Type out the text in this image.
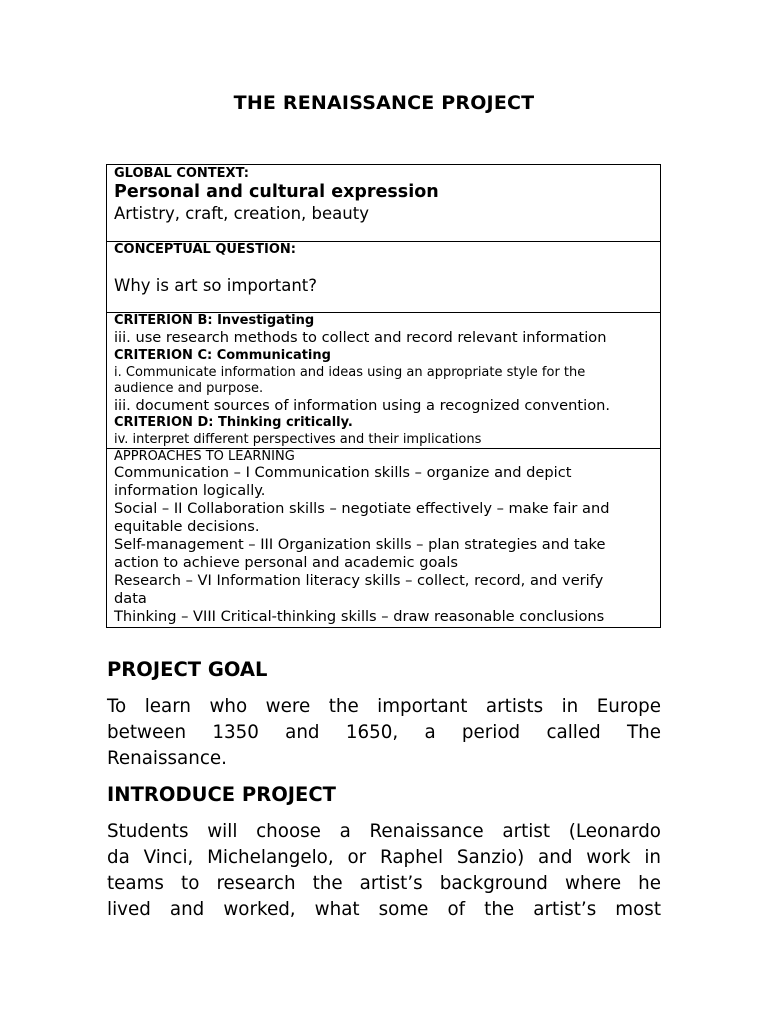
THE RENAISSANCE PROJECT
GLOBAL CONTEXT:
Personal and cultural expression
Artistry, craft, creation, beauty
CONCEPTUAL QUESTION:
Why is art so important?
CRITERION B: Investigating
iii. use research methods to collect and record relevant information
CRITERION C: Communicating
i. Communicate information and ideas using an appropriate style for the
audience and purpose.
iii. document sources of information using a recognized convention.
CRITERION D: Thinking critically.
iv. interpret different perspectives and their implications
APPROACHES TO LEARNING
Communication – I Communication skills – organize and depict
information logically.
Social – II Collaboration skills – negotiate effectively – make fair and
equitable decisions.
Self-management – III Organization skills – plan strategies and take
action to achieve personal and academic goals
Research – VI Information literacy skills – collect, record, and verify
data
Thinking – VIII Critical-thinking skills – draw reasonable conclusions
PROJECT GOAL
To learn who were the important artists in Europe
between 1350 and 1650, a period called The
Renaissance.
INTRODUCE PROJECT
Students will choose a Renaissance artist (Leonardo
da Vinci, Michelangelo, or Raphel Sanzio) and work in
teams to research the artist’s background where he
lived and worked, what some of the artist’s most
